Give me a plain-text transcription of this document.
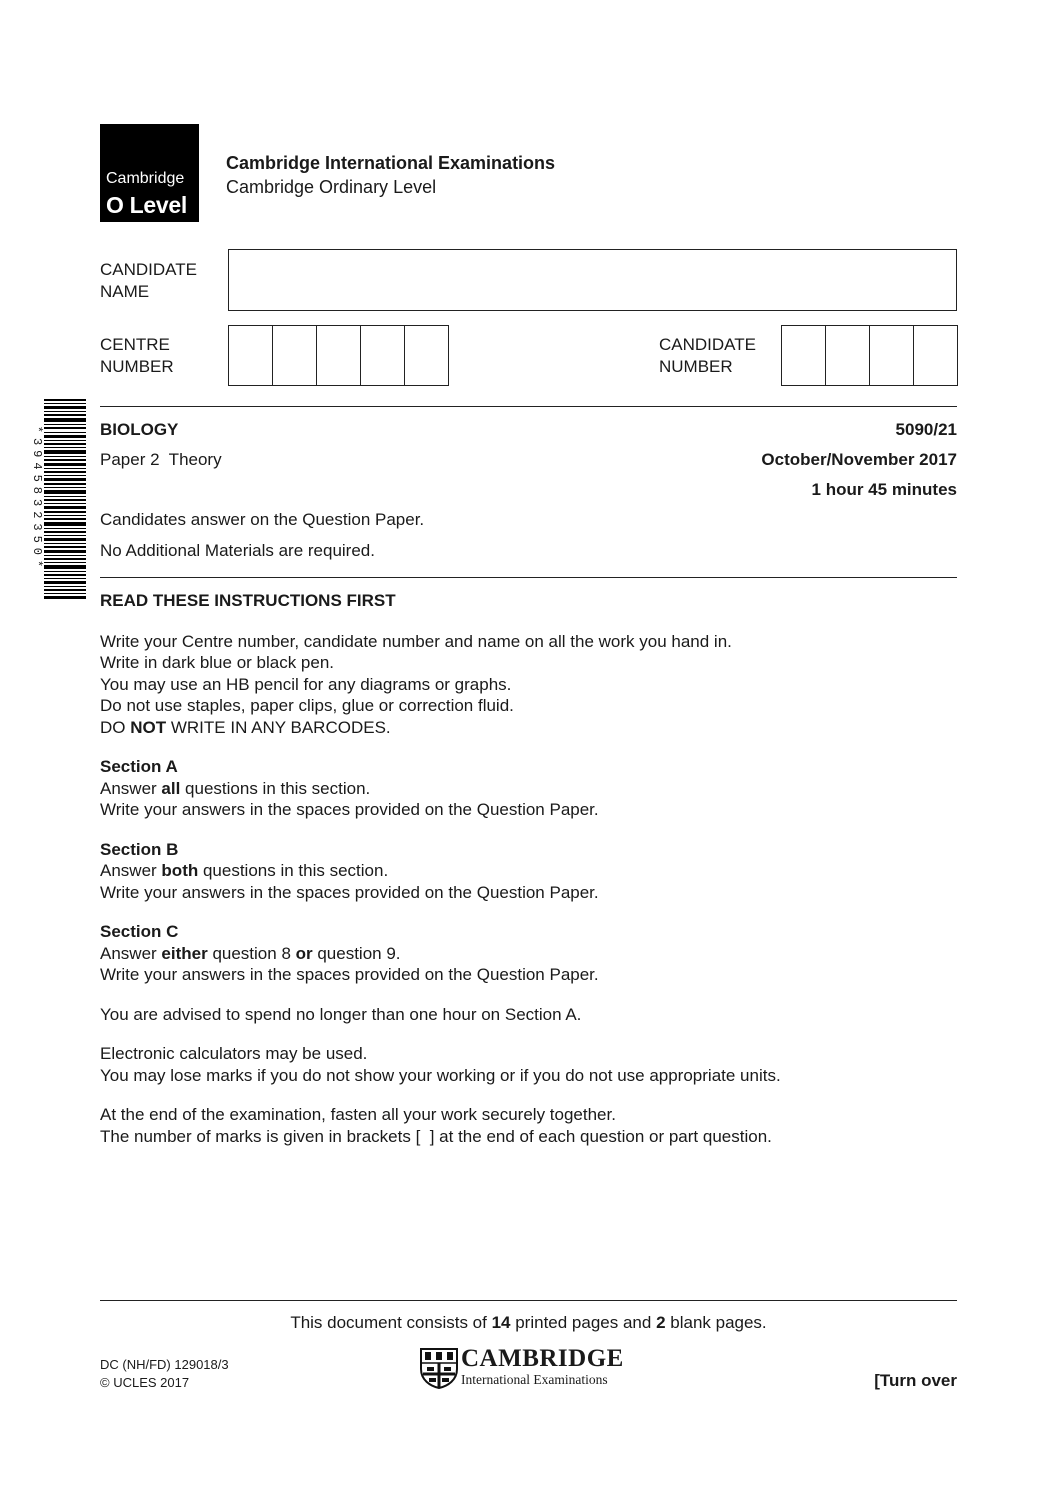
Cambridge
O Level
Cambridge International Examinations
Cambridge Ordinary Level
CANDIDATE
NAME
CENTRE
NUMBER
CANDIDATE
NUMBER
*3945832350*	BIOLOGY	5090/21
Paper 2  Theory	October/November 2017
1 hour 45 minutes
Candidates answer on the Question Paper.
No Additional Materials are required.

READ THESE INSTRUCTIONS FIRST

Write your Centre number, candidate number and name on all the work you hand in.

Write in dark blue or black pen.

You may use an HB pencil for any diagrams or graphs.

Do not use staples, paper clips, glue or correction fluid.

DO NOT WRITE IN ANY BARCODES.

Section A

Answer all questions in this section.

Write your answers in the spaces provided on the Question Paper.

Section B

Answer both questions in this section.

Write your answers in the spaces provided on the Question Paper.

Section C

Answer either question 8 or question 9.

Write your answers in the spaces provided on the Question Paper.

You are advised to spend no longer than one hour on Section A.

Electronic calculators may be used.

You may lose marks if you do not show your working or if you do not use appropriate units.

At the end of the examination, fasten all your work securely together.

The number of marks is given in brackets [  ] at the end of each question or part question.

This document consists of 14 printed pages and 2 blank pages.
DC (NH/FD) 129018/3
© UCLES 2017
CAMBRIDGE
International Examinations	[Turn over
